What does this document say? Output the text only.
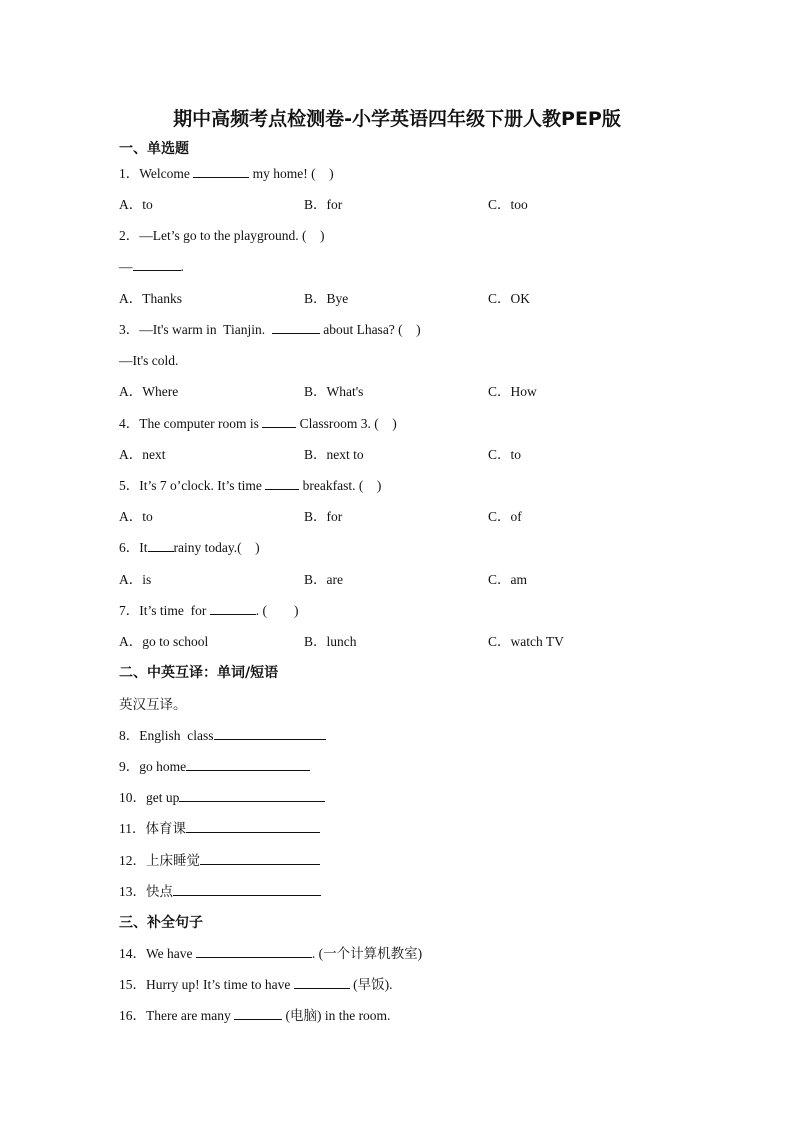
期中高频考点检测卷-小学英语四年级下册人教PEP版
一、单选题
1．Welcome	my home! (　)
A．to	B．for	C．too
2．—Let’s go to the playground. (　)
—	.
A．Thanks	B．Bye	C．OK
3．—It's warm in  Tianjin.	about Lhasa? (　)
—It's cold.
A．Where	B．What's	C．How
4．The computer room is	Classroom 3. (　)
A．next	B．next to	C．to
5．It’s 7 o’clock. It’s time	breakfast. (　)
A．to	B．for	C．of
6．It rainy today.(　)
A．is	B．are	C．am
7．It’s time  for	. (　　)
A．go to school	B．lunch	C．watch TV
二、中英互译：单词/短语
英汉互译。
8．English  class
9．go home
10．get up
11．体育课
12．上床睡觉
13．快点
三、补全句子
14．We have	. (一个计算机教室)
15．Hurry up! It’s time to have	(早饭).
16．There are many	(电脑) in the room.
